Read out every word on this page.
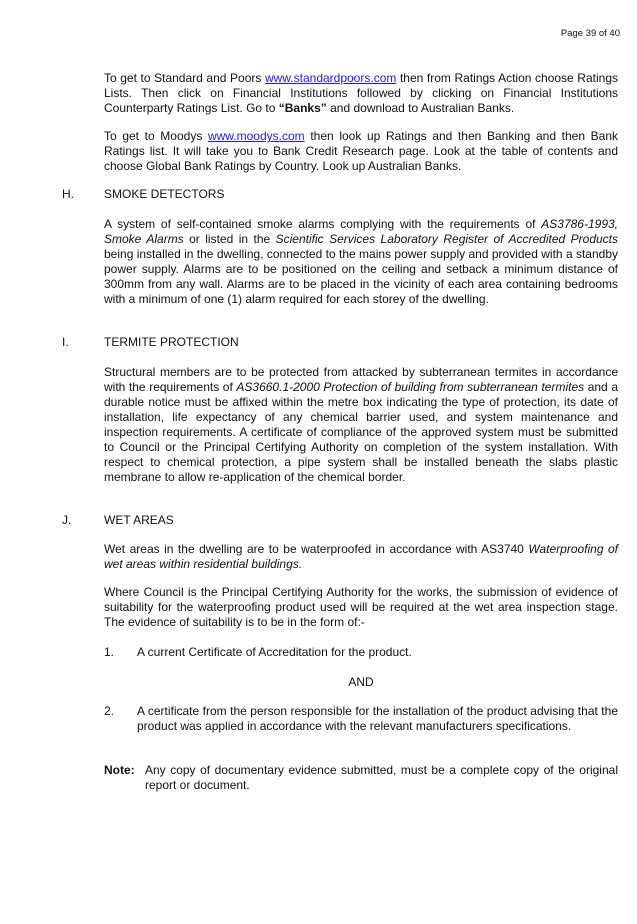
Page 39 of 40

To get to Standard and Poors www.standardpoors.com then from Ratings Action choose Ratings Lists. Then click on Financial Institutions followed by clicking on Financial Institutions Counterparty Ratings List. Go to “Banks” and download to Australian Banks.

To get to Moodys www.moodys.com then look up Ratings and then Banking and then Bank Ratings list. It will take you to Bank Credit Research page. Look at the table of contents and choose Global Bank Ratings by Country. Look up Australian Banks.

H.	SMOKE DETECTORS

A system of self-contained smoke alarms complying with the requirements of AS3786-1993, Smoke Alarms or listed in the Scientific Services Laboratory Register of Accredited Products being installed in the dwelling, connected to the mains power supply and provided with a standby power supply. Alarms are to be positioned on the ceiling and setback a minimum distance of 300mm from any wall. Alarms are to be placed in the vicinity of each area containing bedrooms with a minimum of one (1) alarm required for each storey of the dwelling.

I.	TERMITE PROTECTION

Structural members are to be protected from attacked by subterranean termites in accordance with the requirements of AS3660.1-2000 Protection of building from subterranean termites and a durable notice must be affixed within the metre box indicating the type of protection, its date of installation, life expectancy of any chemical barrier used, and system maintenance and inspection requirements. A certificate of compliance of the approved system must be submitted to Council or the Principal Certifying Authority on completion of the system installation. With respect to chemical protection, a pipe system shall be installed beneath the slabs plastic membrane to allow re-application of the chemical border.

J.	WET AREAS

Wet areas in the dwelling are to be waterproofed in accordance with AS3740 Waterproofing of wet areas within residential buildings.

Where Council is the Principal Certifying Authority for the works, the submission of evidence of suitability for the waterproofing product used will be required at the wet area inspection stage. The evidence of suitability is to be in the form of:-

1. A current Certificate of Accreditation for the product.

AND
2. A certificate from the person responsible for the installation of the product advising that the product was applied in accordance with the relevant manufacturers specifications.

Note: Any copy of documentary evidence submitted, must be a complete copy of the original report or document.
